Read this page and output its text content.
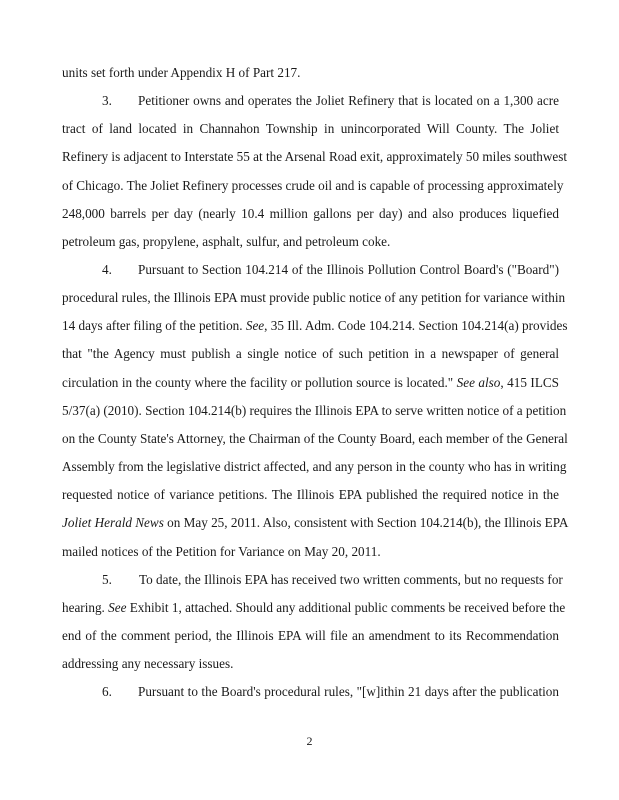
units set forth under Appendix H of Part 217.
3. Petitioner owns and operates the Joliet Refinery that is located on a 1,300 acre
tract of land located in Channahon Township in unincorporated Will County. The Joliet
Refinery is adjacent to Interstate 55 at the Arsenal Road exit, approximately 50 miles southwest
of Chicago. The Joliet Refinery processes crude oil and is capable of processing approximately
248,000 barrels per day (nearly 10.4 million gallons per day) and also produces liquefied
petroleum gas, propylene, asphalt, sulfur, and petroleum coke.
4. Pursuant to Section 104.214 of the Illinois Pollution Control Board's ("Board")
procedural rules, the Illinois EPA must provide public notice of any petition for variance within
14 days after filing of the petition. See, 35 Ill. Adm. Code 104.214. Section 104.214(a) provides
that "the Agency must publish a single notice of such petition in a newspaper of general
circulation in the county where the facility or pollution source is located." See also, 415 ILCS
5/37(a) (2010). Section 104.214(b) requires the Illinois EPA to serve written notice of a petition
on the County State's Attorney, the Chairman of the County Board, each member of the General
Assembly from the legislative district affected, and any person in the county who has in writing
requested notice of variance petitions. The Illinois EPA published the required notice in the
Joliet Herald News on May 25, 2011. Also, consistent with Section 104.214(b), the Illinois EPA
mailed notices of the Petition for Variance on May 20, 2011.
5. To date, the Illinois EPA has received two written comments, but no requests for
hearing. See Exhibit 1, attached. Should any additional public comments be received before the
end of the comment period, the Illinois EPA will file an amendment to its Recommendation
addressing any necessary issues.
6. Pursuant to the Board's procedural rules, "[w]ithin 21 days after the publication
2
